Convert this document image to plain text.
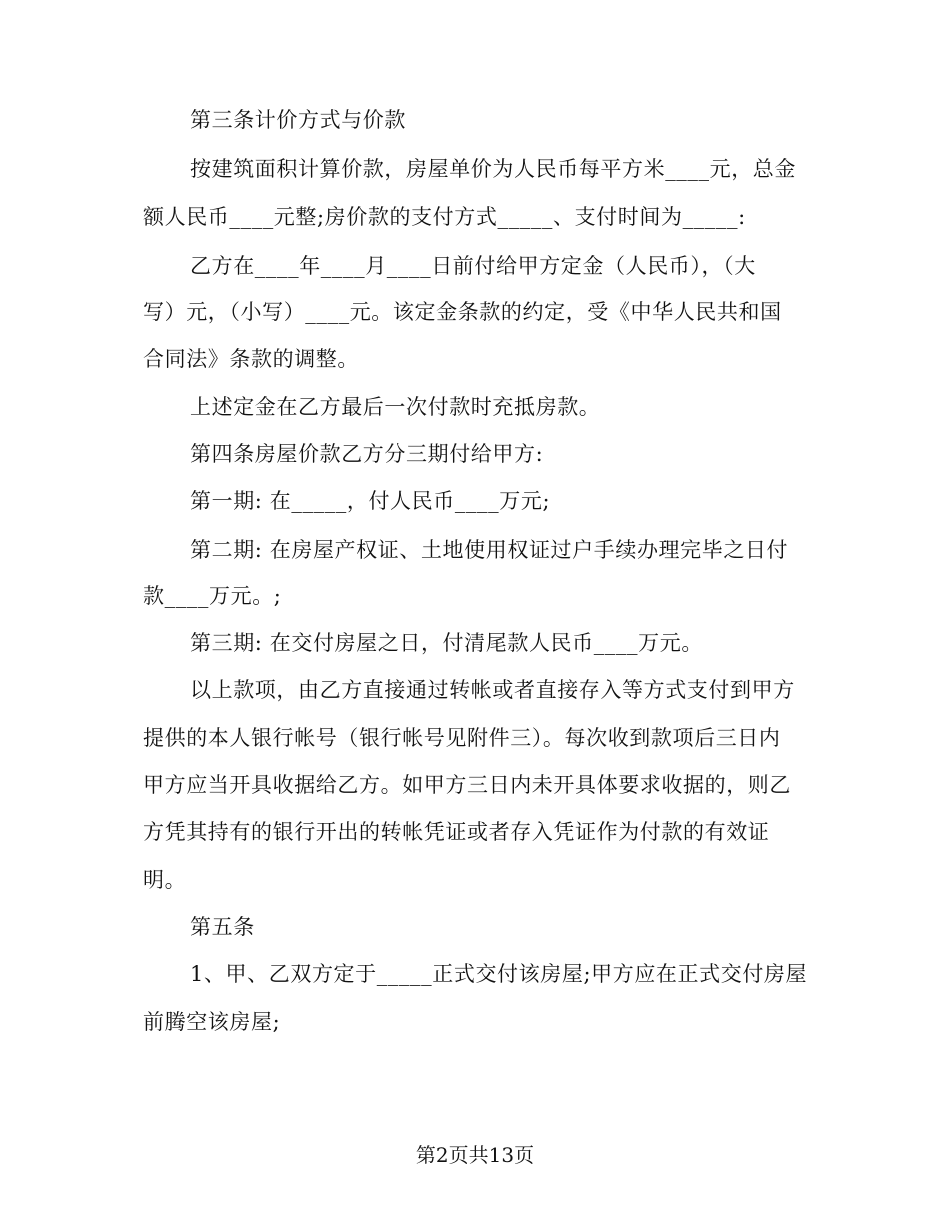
第三条计价方式与价款
按建筑面积计算价款，房屋单价为人民币每平方米____元，总金
额人民币____元整;房价款的支付方式_____、支付时间为_____:
乙方在____年____月____日前付给甲方定金（人民币），（大
写）元，（小写）____元。该定金条款的约定，受《中华人民共和国
合同法》条款的调整。
上述定金在乙方最后一次付款时充抵房款。
第四条房屋价款乙方分三期付给甲方:
第一期: 在_____，付人民币____万元;
第二期: 在房屋产权证、土地使用权证过户手续办理完毕之日付
款____万元。;
第三期: 在交付房屋之日，付清尾款人民币____万元。
以上款项，由乙方直接通过转帐或者直接存入等方式支付到甲方
提供的本人银行帐号（银行帐号见附件三）。每次收到款项后三日内
甲方应当开具收据给乙方。如甲方三日内未开具体要求收据的，则乙
方凭其持有的银行开出的转帐凭证或者存入凭证作为付款的有效证
明。
第五条
1、甲、乙双方定于_____正式交付该房屋;甲方应在正式交付房屋
前腾空该房屋;
第2页共13页
